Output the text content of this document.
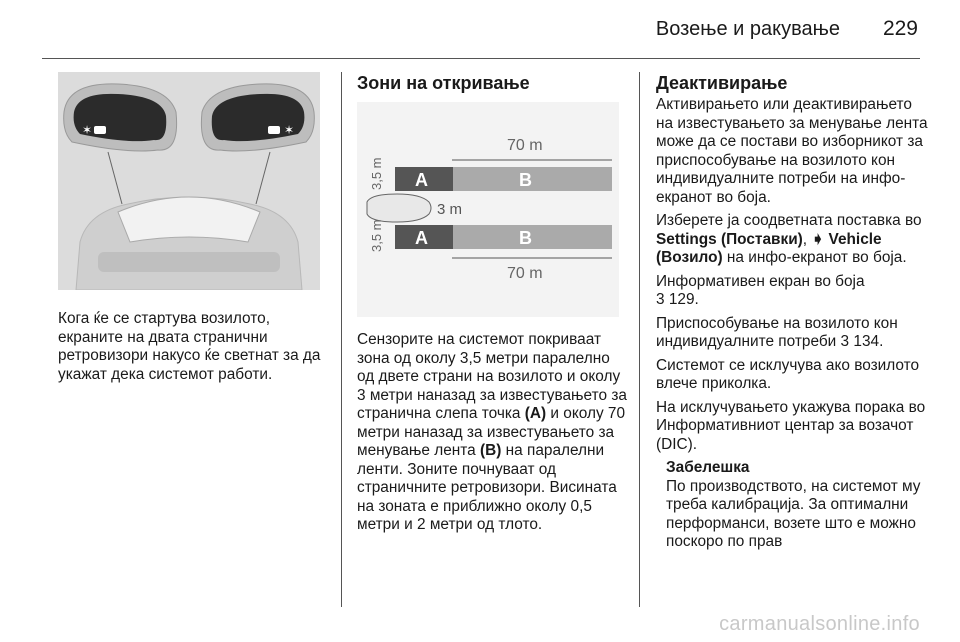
Возење и ракување 229
✶	✶

Кога ќе се стартува возилото, екраните на двата странични ретровизори накусо ќе светнат за да укажат дека системот работи.

Зони на откривање
70 m
A	B
3 m
A	B
70 m
3,5 m
3,5 m

Сензорите на системот покриваат зона од околу 3,5 метри паралелно од двете страни на возилото и околу 3 метри наназад за известувањето за странична слепа точка (A) и околу 70 метри наназад за известувањето за менување лента (B) на паралелни ленти. Зоните почнуваат од страничните ретровизори. Висината на зоната е приближно околу 0,5 метри и 2 метри од тлото.

Деактивирање

Активирањето или деактивирањето на известувањето за менување лента може да се постави во изборникот за приспособување на возилото кон индивидуалните потреби на инфо-екранот во боја.

Изберете ја соодветната поставка во Settings (Поставки), ➧ Vehicle (Возило) на инфо-екранот во боја.

Информативен екран во боја
3 129.

Приспособување на возилото кон индивидуалните потреби 3 134.

Системот се исклучува ако возилото влече приколка.

На исклучувањето укажува порака во Информативниот центар за возачот (DIC).

Забелешка

По производството, на системот му треба калибрација. За оптимални перформанси, возете што е можно поскоро по прав

carmanualsonline.info
